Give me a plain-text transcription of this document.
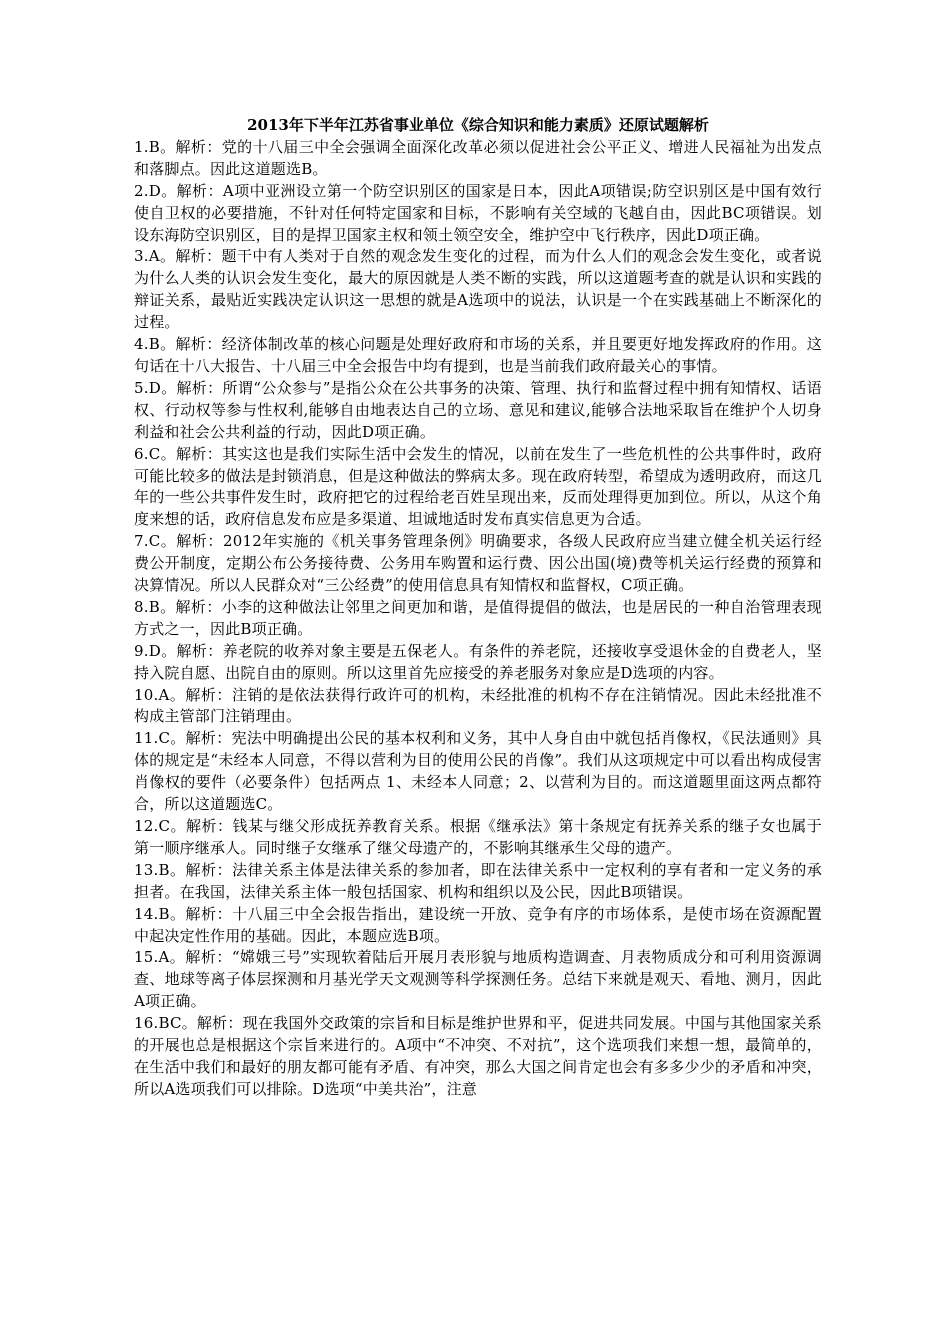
2013年下半年江苏省事业单位《综合知识和能力素质》还原试题解析

1.B。解析：党的十八届三中全会强调全面深化改革必须以促进社会公平正义、增进人民福祉为出发点和落脚点。因此这道题选B。

2.D。解析：A项中亚洲设立第一个防空识别区的国家是日本，因此A项错误;防空识别区是中国有效行使自卫权的必要措施，不针对任何特定国家和目标，不影响有关空域的飞越自由，因此BC项错误。划设东海防空识别区，目的是捍卫国家主权和领土领空安全，维护空中飞行秩序，因此D项正确。

3.A。解析：题干中有人类对于自然的观念发生变化的过程，而为什么人们的观念会发生变化，或者说为什么人类的认识会发生变化，最大的原因就是人类不断的实践，所以这道题考查的就是认识和实践的辩证关系，最贴近实践决定认识这一思想的就是A选项中的说法，认识是一个在实践基础上不断深化的过程。

4.B。解析：经济体制改革的核心问题是处理好政府和市场的关系，并且要更好地发挥政府的作用。这句话在十八大报告、十八届三中全会报告中均有提到，也是当前我们政府最关心的事情。

5.D。解析：所谓“公众参与”是指公众在公共事务的决策、管理、执行和监督过程中拥有知情权、话语权、行动权等参与性权利,能够自由地表达自己的立场、意见和建议,能够合法地采取旨在维护个人切身利益和社会公共利益的行动，因此D项正确。

6.C。解析：其实这也是我们实际生活中会发生的情况，以前在发生了一些危机性的公共事件时，政府可能比较多的做法是封锁消息，但是这种做法的弊病太多。现在政府转型，希望成为透明政府，而这几年的一些公共事件发生时，政府把它的过程给老百姓呈现出来，反而处理得更加到位。所以，从这个角度来想的话，政府信息发布应是多渠道、坦诚地适时发布真实信息更为合适。

7.C。解析：2012年实施的《机关事务管理条例》明确要求，各级人民政府应当建立健全机关运行经费公开制度，定期公布公务接待费、公务用车购置和运行费、因公出国(境)费等机关运行经费的预算和决算情况。所以人民群众对“三公经费”的使用信息具有知情权和监督权，C项正确。

8.B。解析：小李的这种做法让邻里之间更加和谐，是值得提倡的做法，也是居民的一种自治管理表现方式之一，因此B项正确。

9.D。解析：养老院的收养对象主要是五保老人。有条件的养老院，还接收享受退休金的自费老人，坚持入院自愿、出院自由的原则。所以这里首先应接受的养老服务对象应是D选项的内容。

10.A。解析：注销的是依法获得行政许可的机构，未经批准的机构不存在注销情况。因此未经批准不构成主管部门注销理由。

11.C。解析：宪法中明确提出公民的基本权利和义务，其中人身自由中就包括肖像权，《民法通则》具体的规定是“未经本人同意，不得以营利为目的使用公民的肖像”。我们从这项规定中可以看出构成侵害肖像权的要件（必要条件）包括两点 1、未经本人同意；2、以营利为目的。而这道题里面这两点都符合，所以这道题选C。

12.C。解析：钱某与继父形成抚养教育关系。根据《继承法》第十条规定有抚养关系的继子女也属于第一顺序继承人。同时继子女继承了继父母遗产的，不影响其继承生父母的遗产。

13.B。解析：法律关系主体是法律关系的参加者，即在法律关系中一定权利的享有者和一定义务的承担者。在我国，法律关系主体一般包括国家、机构和组织以及公民，因此B项错误。

14.B。解析：十八届三中全会报告指出，建设统一开放、竞争有序的市场体系，是使市场在资源配置中起决定性作用的基础。因此，本题应选B项。

15.A。解析：“嫦娥三号”实现软着陆后开展月表形貌与地质构造调查、月表物质成分和可利用资源调查、地球等离子体层探测和月基光学天文观测等科学探测任务。总结下来就是观天、看地、测月，因此A项正确。

16.BC。解析：现在我国外交政策的宗旨和目标是维护世界和平，促进共同发展。中国与其他国家关系的开展也总是根据这个宗旨来进行的。A项中“不冲突、不对抗”，这个选项我们来想一想，最简单的，在生活中我们和最好的朋友都可能有矛盾、有冲突，那么大国之间肯定也会有多多少少的矛盾和冲突，所以A选项我们可以排除。D选项“中美共治”，注意
